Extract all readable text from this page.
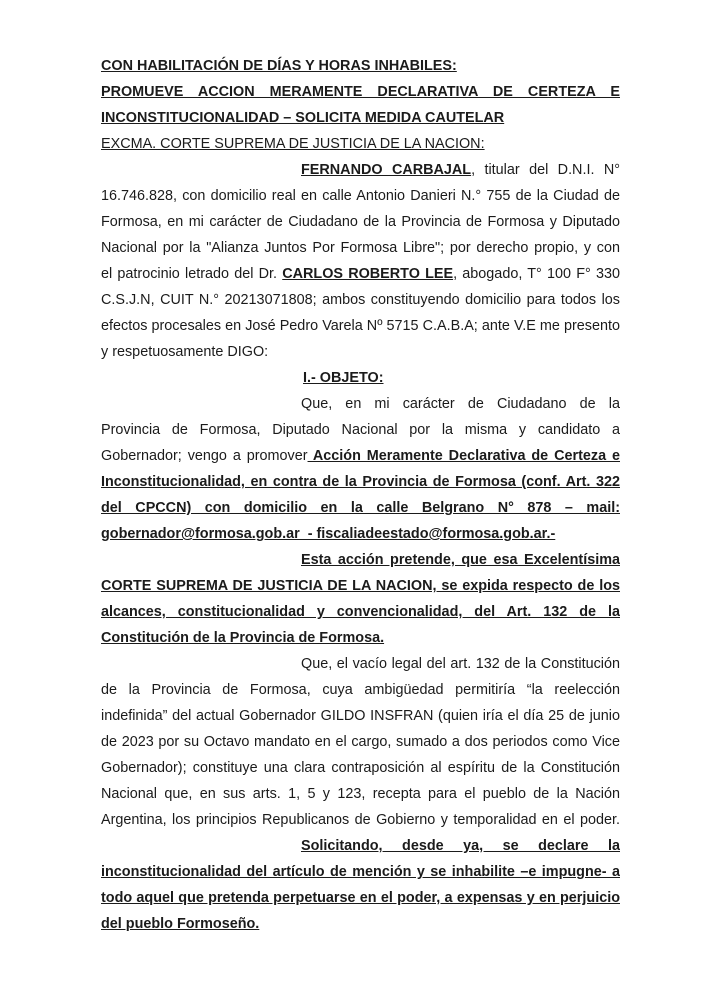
CON HABILITACIÓN DE DÍAS Y HORAS INHABILES:
PROMUEVE ACCION MERAMENTE DECLARATIVA DE CERTEZA E
INCONSTITUCIONALIDAD – SOLICITA MEDIDA CAUTELAR
EXCMA. CORTE SUPREMA DE JUSTICIA DE LA NACION:
FERNANDO CARBAJAL, titular del D.N.I. N°
16.746.828, con domicilio real en calle Antonio Danieri N.° 755 de la Ciudad de
Formosa, en mi carácter de Ciudadano de la Provincia de Formosa y Diputado
Nacional por la "Alianza Juntos Por Formosa Libre"; por derecho propio, y con
el patrocinio letrado del Dr. CARLOS ROBERTO LEE, abogado, T° 100 F° 330
C.S.J.N, CUIT N.° 20213071808; ambos constituyendo domicilio para todos los
efectos procesales en José Pedro Varela Nº 5715 C.A.B.A; ante V.E me presento
y respetuosamente DIGO:
I.- OBJETO:
Que, en mi carácter de Ciudadano de la
Provincia de Formosa, Diputado Nacional por la misma y candidato a
Gobernador; vengo a promover Acción Meramente Declarativa de Certeza e
Inconstitucionalidad, en contra de la Provincia de Formosa (conf. Art. 322
del CPCCN) con domicilio en la calle Belgrano N° 878 – mail:
gobernador@formosa.gob.ar  - fiscaliadeestado@formosa.gob.ar.-
Esta acción pretende, que esa Excelentísima
CORTE SUPREMA DE JUSTICIA DE LA NACION, se expida respecto de los
alcances, constitucionalidad y convencionalidad, del Art. 132 de la
Constitución de la Provincia de Formosa.
Que, el vacío legal del art. 132 de la Constitución
de la Provincia de Formosa, cuya ambigüedad permitiría “la reelección
indefinida” del actual Gobernador GILDO INSFRAN (quien iría el día 25 de junio
de 2023 por su Octavo mandato en el cargo, sumado a dos periodos como Vice
Gobernador); constituye una clara contraposición al espíritu de la Constitución
Nacional que, en sus arts. 1, 5 y 123, recepta para el pueblo de la Nación
Argentina, los principios Republicanos de Gobierno y temporalidad en el poder.
Solicitando, desde ya, se declare la
inconstitucionalidad del artículo de mención y se inhabilite –e impugne- a
todo aquel que pretenda perpetuarse en el poder, a expensas y en perjuicio
del pueblo Formoseño.
